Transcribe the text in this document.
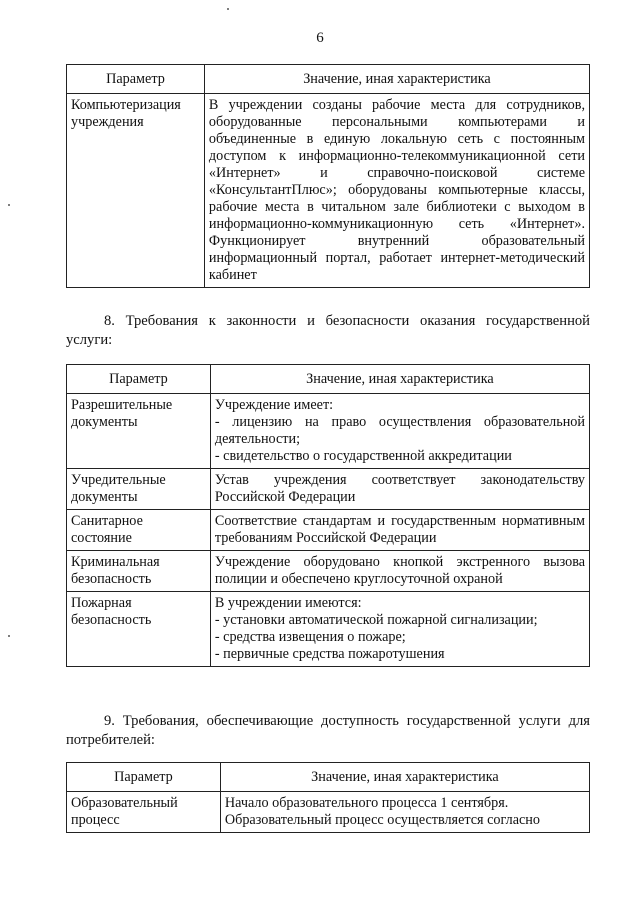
6
Параметр	Значение, иная характеристика
Компьютеризация учреждения	В учреждении созданы рабочие места для сотрудников, оборудованные персональными компьютерами и объединенные в единую локальную сеть с постоянным доступом к информационно-телекоммуникационной сети «Интернет» и справочно-поисковой системе «КонсультантПлюс»; оборудованы компьютерные классы, рабочие места в читальном зале библиотеки с выходом в информационно-коммуникационную сеть «Интернет». Функционирует внутренний образовательный информационный портал, работает интернет-методический кабинет
8. Требования к законности и безопасности оказания государственной услуги:
Параметр	Значение, иная характеристика
Разрешительные документы	Учреждение имеет:
- лицензию на право осуществления образовательной деятельности;
- свидетельство о государственной аккредитации

Учредительные документы	Устав учреждения соответствует законодательству Российской Федерации
Санитарное состояние	Соответствие стандартам и государственным нормативным требованиям Российской Федерации
Криминальная безопасность	Учреждение оборудовано кнопкой экстренного вызова полиции и обеспечено круглосуточной охраной
Пожарная безопасность	В учреждении имеются:
- установки автоматической пожарной сигнализации;
- средства извещения о пожаре;
- первичные средства пожаротушения
9. Требования, обеспечивающие доступность государственной услуги для потребителей:
Параметр	Значение, иная характеристика
Образовательный процесс	Начало образовательного процесса 1 сентября.
Образовательный процесс осуществляется согласно
